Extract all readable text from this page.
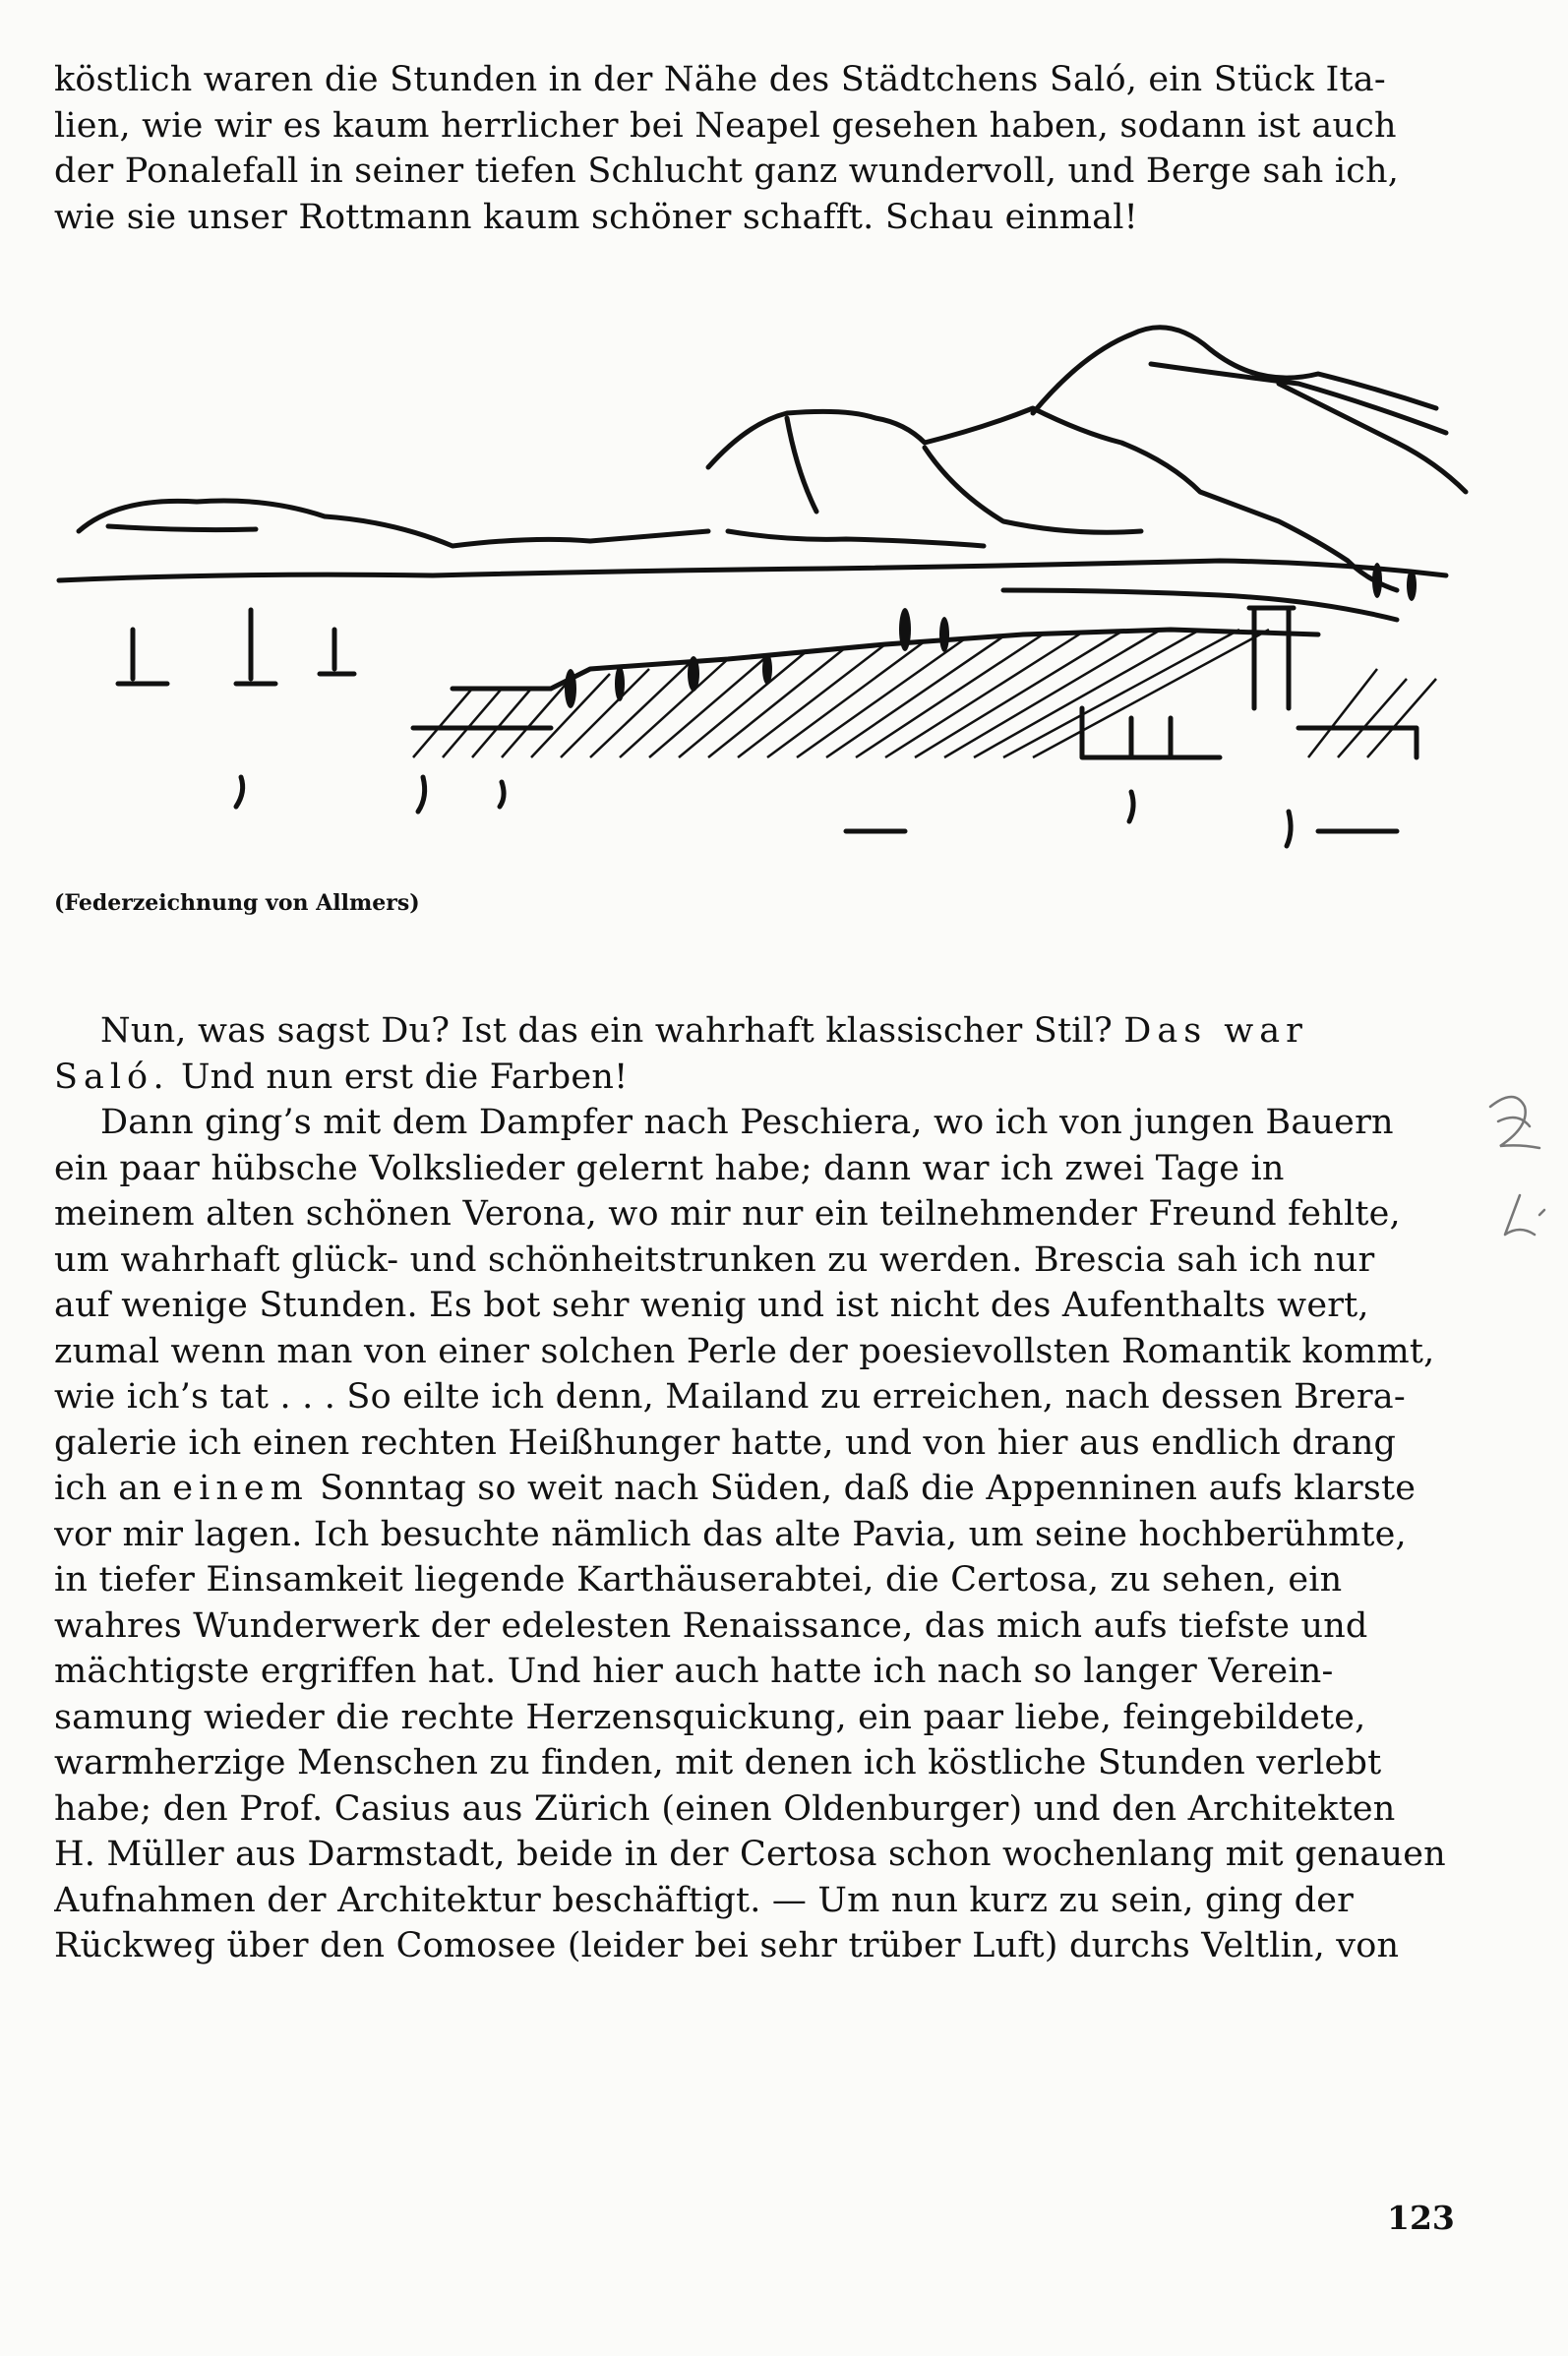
köstlich waren die Stunden in der Nähe des Städtchens Saló, ein Stück Ita-
lien, wie wir es kaum herrlicher bei Neapel gesehen haben, sodann ist auch
der Ponalefall in seiner tiefen Schlucht ganz wundervoll, und Berge sah ich,
wie sie unser Rottmann kaum schöner schafft. Schau einmal!
(Federzeichnung von Allmers)
Nun, was sagst Du? Ist das ein wahrhaft klassischer Stil? Das war
Saló. Und nun erst die Farben!
Dann ging’s mit dem Dampfer nach Peschiera, wo ich von jungen Bauern
ein paar hübsche Volkslieder gelernt habe; dann war ich zwei Tage in
meinem alten schönen Verona, wo mir nur ein teilnehmender Freund fehlte,
um wahrhaft glück- und schönheitstrunken zu werden. Brescia sah ich nur
auf wenige Stunden. Es bot sehr wenig und ist nicht des Aufenthalts wert,
zumal wenn man von einer solchen Perle der poesievollsten Romantik kommt,
wie ich’s tat . . . So eilte ich denn, Mailand zu erreichen, nach dessen Brera-
galerie ich einen rechten Heißhunger hatte, und von hier aus endlich drang
ich an einem Sonntag so weit nach Süden, daß die Appenninen aufs klarste
vor mir lagen. Ich besuchte nämlich das alte Pavia, um seine hochberühmte,
in tiefer Einsamkeit liegende Karthäuserabtei, die Certosa, zu sehen, ein
wahres Wunderwerk der edelesten Renaissance, das mich aufs tiefste und
mächtigste ergriffen hat. Und hier auch hatte ich nach so langer Verein-
samung wieder die rechte Herzensquickung, ein paar liebe, feingebildete,
warmherzige Menschen zu finden, mit denen ich köstliche Stunden verlebt
habe; den Prof. Casius aus Zürich (einen Oldenburger) und den Architekten
H. Müller aus Darmstadt, beide in der Certosa schon wochenlang mit genauen
Aufnahmen der Architektur beschäftigt. — Um nun kurz zu sein, ging der
Rückweg über den Comosee (leider bei sehr trüber Luft) durchs Veltlin, von
123
